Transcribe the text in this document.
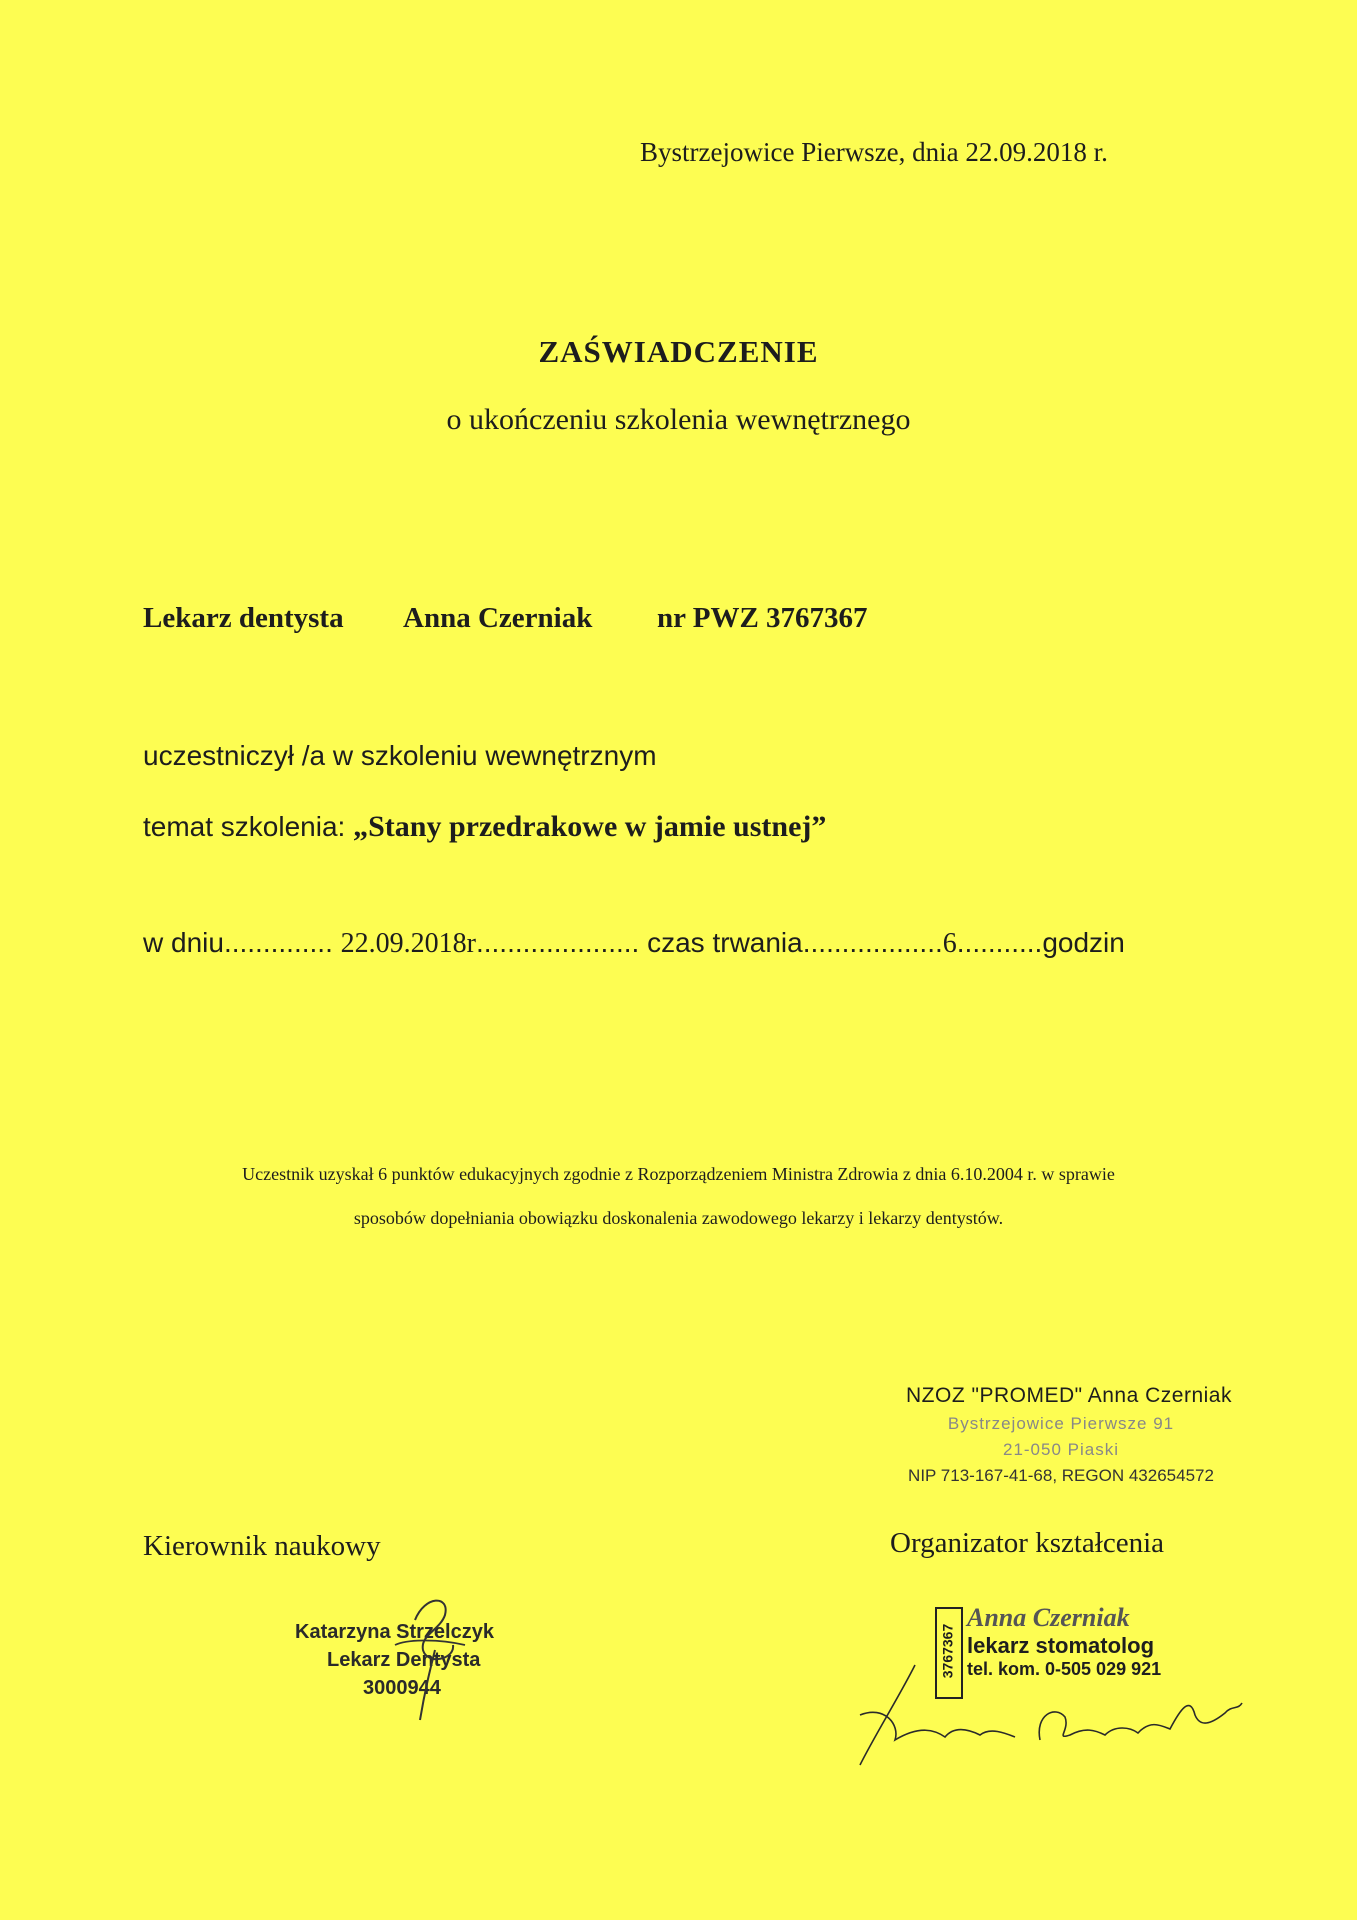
Bystrzejowice Pierwsze, dnia 22.09.2018 r.
ZAŚWIADCZENIE
o ukończeniu szkolenia wewnętrznego
Lekarz dentysta Anna Czerniak nr PWZ 3767367
uczestniczył /a w szkoleniu wewnętrznym
temat szkolenia: „Stany przedrakowe w jamie ustnej”
w dniu.............. 22.09.2018r..................... czas trwania..................6...........godzin
Uczestnik uzyskał 6 punktów edukacyjnych zgodnie z Rozporządzeniem Ministra Zdrowia z dnia 6.10.2004 r. w sprawie
sposobów dopełniania obowiązku doskonalenia zawodowego lekarzy i lekarzy dentystów.
NZOZ "PROMED" Anna Czerniak
Bystrzejowice Pierwsze 91
21-050 Piaski
NIP 713-167-41-68, REGON 432654572
Kierownik naukowy	Organizator kształcenia
Katarzyna Strzelczyk
Lekarz Dentysta
3000944
3767367
Anna Czerniak
lekarz stomatolog
tel. kom. 0-505 029 921
